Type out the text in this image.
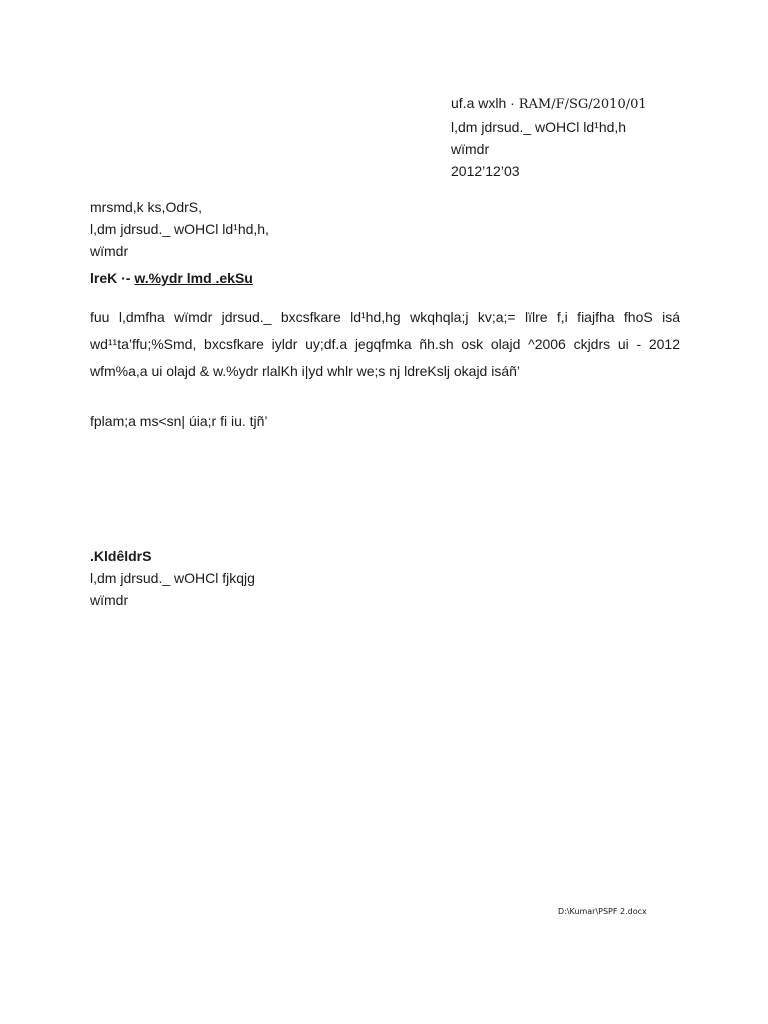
uf.a wxlh · RAM/F/SG/2010/01
l,dm jdrsud._ wOHCl ld¹hd,h
wïmdr
2012’12’03
mrsmd,k ks,OdrS,
l,dm jdrsud._ wOHCl ld¹hd,h,
wïmdr
lreK ·- w.%ydr lmd .ekSu
fuu l,dmfha wïmdr jdrsud._ bxcsfkare ld¹hd,hg wkqhqla;j kv;a;= lïlre f,i fiajfha fhoS isá
wd¹¹ta’ffu;%Smd, bxcsfkare iyldr uy;df.a jegqfmka ñh.sh osk olajd ^2006 ckjdrs ui - 2012
wfm%a,a ui olajd & w.%ydr rlalKh i|yd whlr we;s nj ldreKslj okajd isáñ’
fplam;a ms<sn| úia;r fi iu. tjñ’
.KldêldrS
l,dm jdrsud._ wOHCl fjkqjg
wïmdr
D:\Kumar\PSPF 2.docx
